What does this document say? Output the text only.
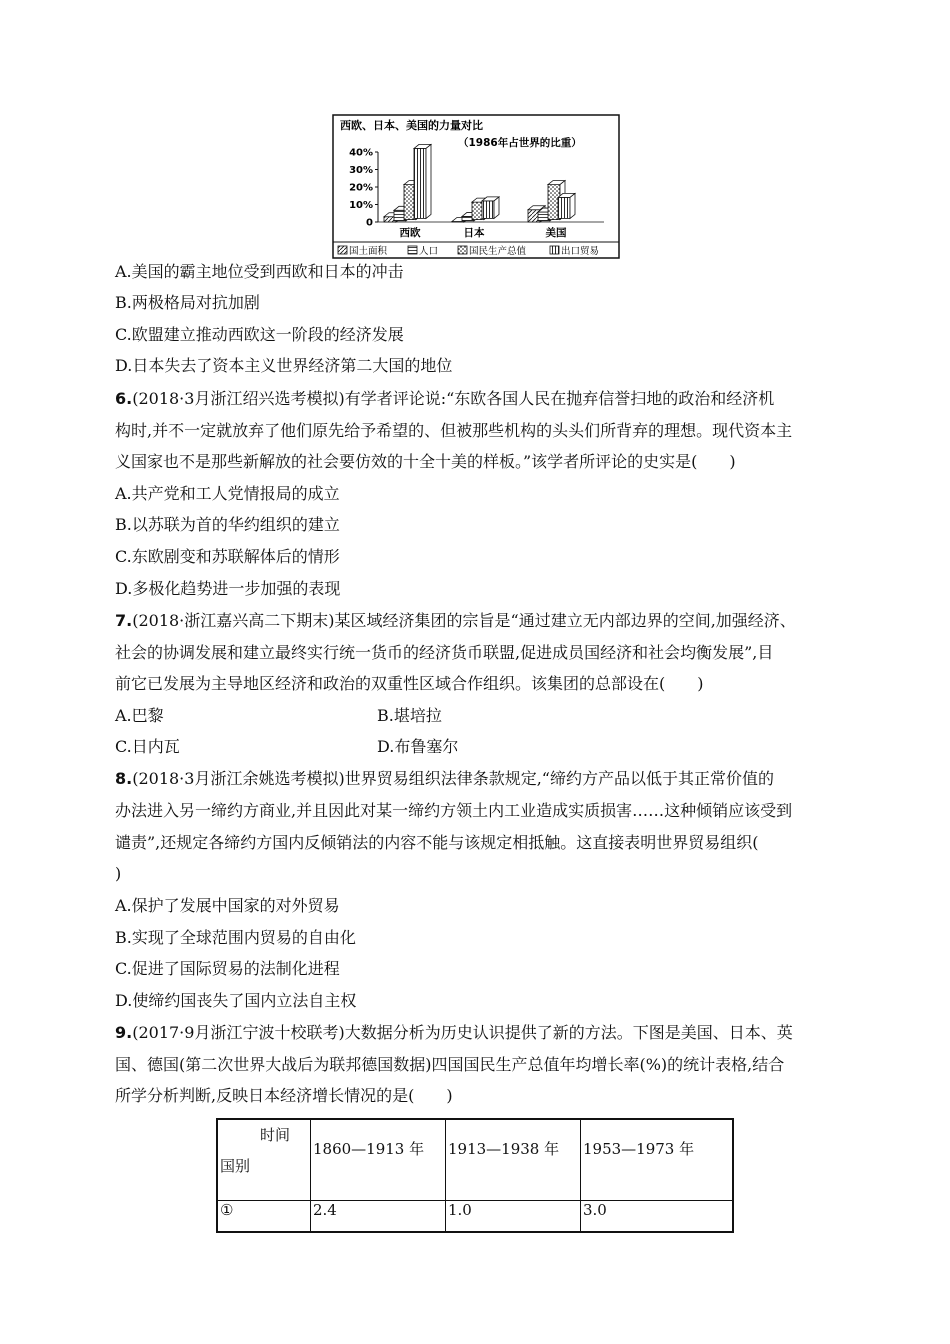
西欧、日本、美国的力量对比
（1986年占世界的比重）
40%
30%
20%
10%
0
西欧	日本	美国
国土面积	人口	国民生产总值	出口贸易
A.美国的霸主地位受到西欧和日本的冲击
B.两极格局对抗加剧
C.欧盟建立推动西欧这一阶段的经济发展
D.日本失去了资本主义世界经济第二大国的地位
6.(2018·3月浙江绍兴选考模拟)有学者评论说:“东欧各国人民在抛弃信誉扫地的政治和经济机
构时,并不一定就放弃了他们原先给予希望的、但被那些机构的头头们所背弃的理想。现代资本主
义国家也不是那些新解放的社会要仿效的十全十美的样板。”该学者所评论的史实是(　　)
A.共产党和工人党情报局的成立
B.以苏联为首的华约组织的建立
C.东欧剧变和苏联解体后的情形
D.多极化趋势进一步加强的表现
7.(2018·浙江嘉兴高二下期末)某区域经济集团的宗旨是“通过建立无内部边界的空间,加强经济、
社会的协调发展和建立最终实行统一货币的经济货币联盟,促进成员国经济和社会均衡发展”,目
前它已发展为主导地区经济和政治的双重性区域合作组织。该集团的总部设在(　　)
A.巴黎	B.堪培拉
C.日内瓦	D.布鲁塞尔
8.(2018·3月浙江余姚选考模拟)世界贸易组织法律条款规定,“缔约方产品以低于其正常价值的
办法进入另一缔约方商业,并且因此对某一缔约方领土内工业造成实质损害……这种倾销应该受到
谴责”,还规定各缔约方国内反倾销法的内容不能与该规定相抵触。这直接表明世界贸易组织(
)
A.保护了发展中国家的对外贸易
B.实现了全球范围内贸易的自由化
C.促进了国际贸易的法制化进程
D.使缔约国丧失了国内立法自主权
9.(2017·9月浙江宁波十校联考)大数据分析为历史认识提供了新的方法。下图是美国、日本、英
国、德国(第二次世界大战后为联邦德国数据)四国国民生产总值年均增长率(%)的统计表格,结合
所学分析判断,反映日本经济增长情况的是(　　)
时间
国别	1860—1913 年	1913—1938 年	1953—1973 年
①	2.4	1.0	3.0
